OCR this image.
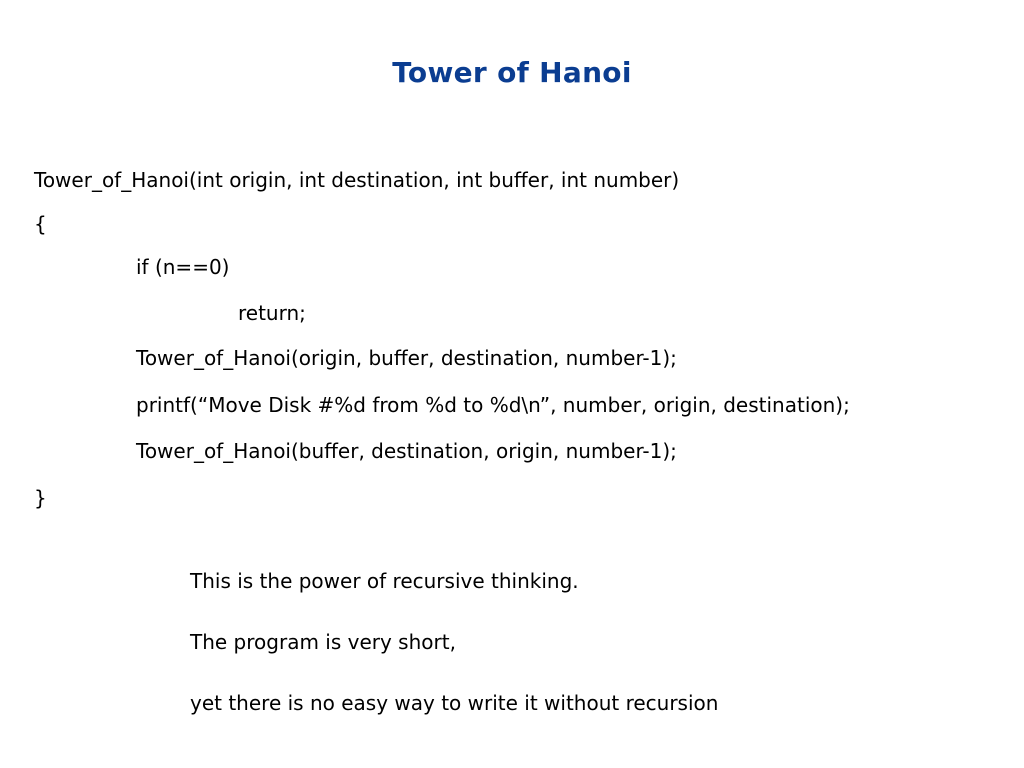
Tower of Hanoi
Tower_of_Hanoi(int origin, int destination, int buffer, int number)
{
if (n==0)
return;
Tower_of_Hanoi(origin, buffer, destination, number-1);
printf(“Move Disk #%d from %d to %d\n”, number, origin, destination);
Tower_of_Hanoi(buffer, destination, origin, number-1);
}
This is the power of recursive thinking.
The program is very short,
yet there is no easy way to write it without recursion
